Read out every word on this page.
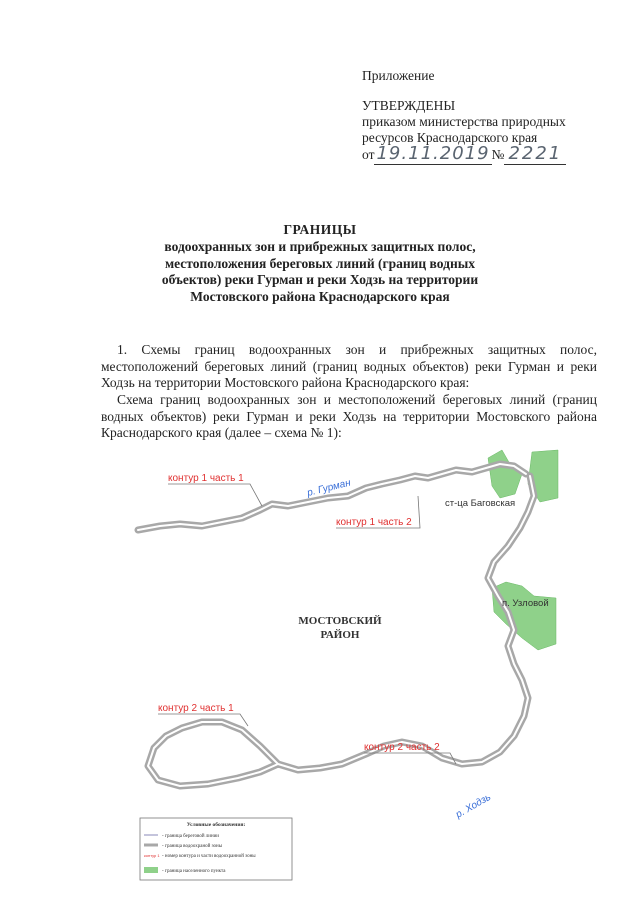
Приложение
УТВЕРЖДЕНЫ
приказом министерства природных
ресурсов Краснодарского края
от 19.11.2019 № 2221
ГРАНИЦЫ
водоохранных зон и прибрежных защитных полос,
местоположения береговых линий (границ водных
объектов) реки Гурман и реки Ходзь на территории
Мостовского района Краснодарского края
1. Схемы границ водоохранных зон и прибрежных защитных полос, местоположений береговых линий (границ водных объектов) реки Гурман и реки Ходзь на территории Мостовского района Краснодарского края:
Схема границ водоохранных зон и местоположений береговых линий (границ водных объектов) реки Гурман и реки Ходзь на территории Мостовского района Краснодарского края (далее – схема № 1):
контур 1 часть 1
контур 1 часть 2
контур 2 часть 1
контур 2 часть 2
р. Гурман
р. Ходзь
ст-ца Баговская
п. Узловой
МОСТОВСКИЙ
РАЙОН
Условные обозначения:
- граница береговой линии
- граница водоохраной зоны
контур 1 - номер контура и части водоохранной зоны
- граница населенного пункта
